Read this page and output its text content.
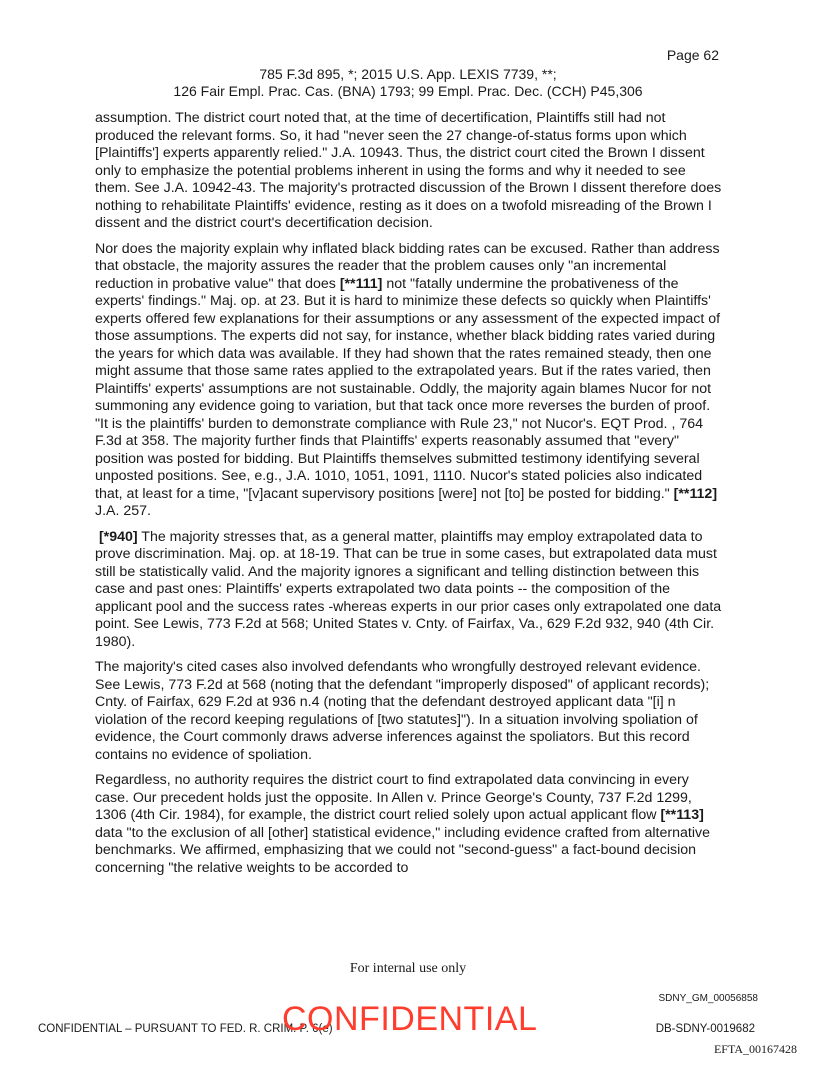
Page 62
785 F.3d 895, *; 2015 U.S. App. LEXIS 7739, **;
126 Fair Empl. Prac. Cas. (BNA) 1793; 99 Empl. Prac. Dec. (CCH) P45,306

assumption. The district court noted that, at the time of decertification, Plaintiffs still had not produced the relevant forms. So, it had "never seen the 27 change-of-status forms upon which [Plaintiffs'] experts apparently relied." J.A. 10943. Thus, the district court cited the Brown I dissent only to emphasize the potential problems inherent in using the forms and why it needed to see them. See J.A. 10942-43. The majority's protracted discussion of the Brown I dissent therefore does nothing to rehabilitate Plaintiffs' evidence, resting as it does on a twofold misreading of the Brown I dissent and the district court's decertification decision.

Nor does the majority explain why inflated black bidding rates can be excused. Rather than address that obstacle, the majority assures the reader that the problem causes only "an incremental reduction in probative value" that does [**111] not "fatally undermine the probativeness of the experts' findings." Maj. op. at 23. But it is hard to minimize these defects so quickly when Plaintiffs' experts offered few explanations for their assumptions or any assessment of the expected impact of those assumptions. The experts did not say, for instance, whether black bidding rates varied during the years for which data was available. If they had shown that the rates remained steady, then one might assume that those same rates applied to the extrapolated years. But if the rates varied, then Plaintiffs' experts' assumptions are not sustainable. Oddly, the majority again blames Nucor for not summoning any evidence going to variation, but that tack once more reverses the burden of proof. "It is the plaintiffs' burden to demonstrate compliance with Rule 23," not Nucor's. EQT Prod. , 764 F.3d at 358. The majority further finds that Plaintiffs' experts reasonably assumed that "every" position was posted for bidding. But Plaintiffs themselves submitted testimony identifying several unposted positions. See, e.g., J.A. 1010, 1051, 1091, 1110. Nucor's stated policies also indicated that, at least for a time, "[v]acant supervisory positions [were] not [to] be posted for bidding." [**112] J.A. 257.

[*940] The majority stresses that, as a general matter, plaintiffs may employ extrapolated data to prove discrimination. Maj. op. at 18-19. That can be true in some cases, but extrapolated data must still be statistically valid. And the majority ignores a significant and telling distinction between this case and past ones: Plaintiffs' experts extrapolated two data points -- the composition of the applicant pool and the success rates -whereas experts in our prior cases only extrapolated one data point. See Lewis, 773 F.2d at 568; United States v. Cnty. of Fairfax, Va., 629 F.2d 932, 940 (4th Cir. 1980).

The majority's cited cases also involved defendants who wrongfully destroyed relevant evidence. See Lewis, 773 F.2d at 568 (noting that the defendant "improperly disposed" of applicant records); Cnty. of Fairfax, 629 F.2d at 936 n.4 (noting that the defendant destroyed applicant data "[i] n violation of the record keeping regulations of [two statutes]"). In a situation involving spoliation of evidence, the Court commonly draws adverse inferences against the spoliators. But this record contains no evidence of spoliation.

Regardless, no authority requires the district court to find extrapolated data convincing in every case. Our precedent holds just the opposite. In Allen v. Prince George's County, 737 F.2d 1299, 1306 (4th Cir. 1984), for example, the district court relied solely upon actual applicant flow [**113] data "to the exclusion of all [other] statistical evidence," including evidence crafted from alternative benchmarks. We affirmed, emphasizing that we could not "second-guess" a fact-bound decision concerning "the relative weights to be accorded to

For internal use only
SDNY_GM_00056858
CONFIDENTIAL – PURSUANT TO FED. R. CRIM. P. 6(e)
CONFIDENTIAL	DB-SDNY-0019682
EFTA_00167428
